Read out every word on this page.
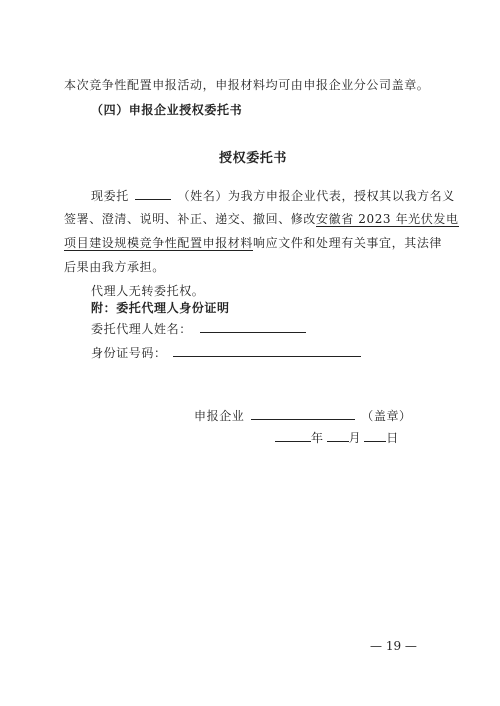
本次竞争性配置申报活动，申报材料均可由申报企业分公司盖章。
（四）申报企业授权委托书
授权委托书
现委托	（姓名）为我方申报企业代表，授权其以我方名义
签署、澄清、说明、补正、递交、撤回、修改安徽省 2023 年光伏发电
项目建设规模竞争性配置申报材料响应文件和处理有关事宜，其法律
后果由我方承担。
代理人无转委托权。
附：委托代理人身份证明
委托代理人姓名：
身份证号码：
申报企业	（盖章）
年 月 日
— 19 —
